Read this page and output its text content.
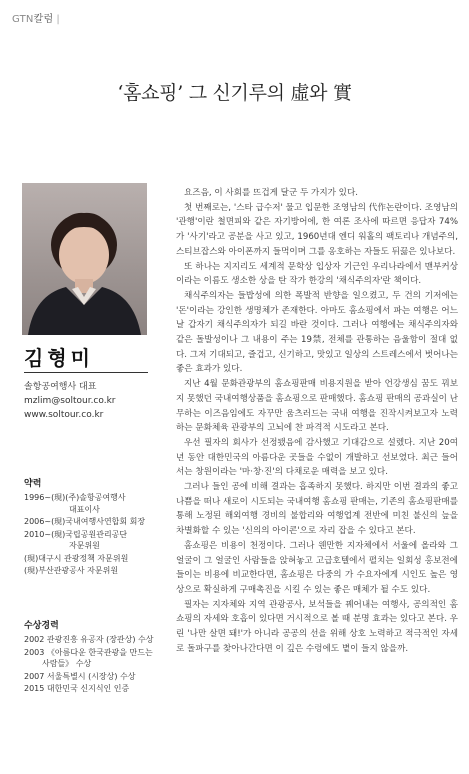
GTN칼럼 |
‘홈쇼핑’ 그 신기루의 虛와 實
김형미
솔항공여행사 대표
mzlim@soltour.co.kr
www.soltour.co.kr
약력
1996~(現)(주)솔항공여행사
대표이사
2006~(現)국내여행사연합회 회장
2010~(現)국립공원관리공단
자문위원
(現)대구시 관광정책 자문위원
(現)부산관광공사 자문위원
수상경력
2002 관광진흥 유공자 (장관상) 수상
2003 《아름다운 한국관광을 만드는
사람들》 수상
2007 서울특별시 (시장상) 수상
2015 대한민국 신지식인 인증

요즈음, 이 사회를 뜨겁게 달군 두 가지가 있다.

첫 번째로는, '스타 급수저' 물고 입문한 조영남의 代作논란이다. 조영남의 '관행'이란 철면피와 같은 자기방어에, 한 여론 조사에 따르면 응답자 74%가 '사기'라고 공분을 사고 있고, 1960년대 엔디 워홀의 팩토리나 개념주의, 스티브잡스와 아이폰까지 들먹이며 그를 옹호하는 자들도 뒤끓은 있나보다.

또 하나는 지지리도 세계적 문학상 입상자 기근인 우리나라에서 맨부커상이라는 이름도 생소한 상을 탄 작가 한강의 '채식주의자'란 책이다.

채식주의자는 들밥성에 의한 폭발적 반향을 일으켰고, 두 건의 기저에는 '돈'이라는 강인한 생명체가 존재한다. 아마도 홈쇼핑에서 파는 여행은 어느 날 갑자기 채식주의자가 되길 바란 것이다. 그러나 여행에는 채식주의자와 같은 돌발성이나 그 내용이 주는 19禁, 전체를 관통하는 음울함이 절대 없다. 그저 기대되고, 즐겁고, 신기하고, 맛있고 일상의 스트레스에서 벗어나는 좋은 효과가 있다.

지난 4월 문화관광부의 홈쇼핑판매 비용지원을 받아 언강생심 꿈도 꿔보지 못했던 국내여행상품을 홈쇼핑으로 판매했다. 홈쇼핑 판매의 공과실이 난무하는 이즈음임에도 자꾸만 움츠러드는 국내 여행을 진작시켜보고자 노력하는 문화체육 관광부의 고뇌에 찬 파격적 시도라고 본다.

우선 필자의 회사가 선정됐음에 감사했고 기대감으로 설렜다. 지난 20여년 동안 대한민국의 아름다운 곳들을 수없이 개발하고 선보였다. 최근 들어서는 창원이라는 '마·창·진'의 다채로운 매력을 보고 있다.

그러나 들인 공에 비해 결과는 흡족하지 못했다. 하지만 이번 결과의 좋고 나쁨을 떠나 새로이 시도되는 국내여행 홈쇼핑 판매는, 기존의 홈쇼핑판매를 통해 노정된 해외여행 경비의 불합리와 여행업계 전반에 미친 불신의 늪을 차별화할 수 있는 '신의의 아이콘'으로 자리 잡을 수 있다고 본다.

홈쇼핑은 비용이 천정이다. 그러나 웬만한 지자체에서 서울에 올라와 그 얼굴이 그 얼굴인 사람들을 앉혀놓고 고급호텔에서 펼치는 일회성 홍보전에 들이는 비용에 비교한다면, 홈쇼핑은 다중의 가 수요자에게 시인도 높은 영상으로 확실하게 구매촉진을 시킬 수 있는 좋은 매체가 될 수도 있다.

필자는 지자체와 지역 관광공사, 보석들을 꿰어내는 여행사, 공의적인 홈쇼핑의 자세와 호흡이 있다면 거시적으로 볼 때 분명 효과는 있다고 본다. 우린 '나만 살면 돼!'가 아니라 공공의 선을 위해 상호 노력하고 적극적인 자세로 돌파구를 찾아나간다면 이 깊은 수렁에도 볕이 들지 않을까.
